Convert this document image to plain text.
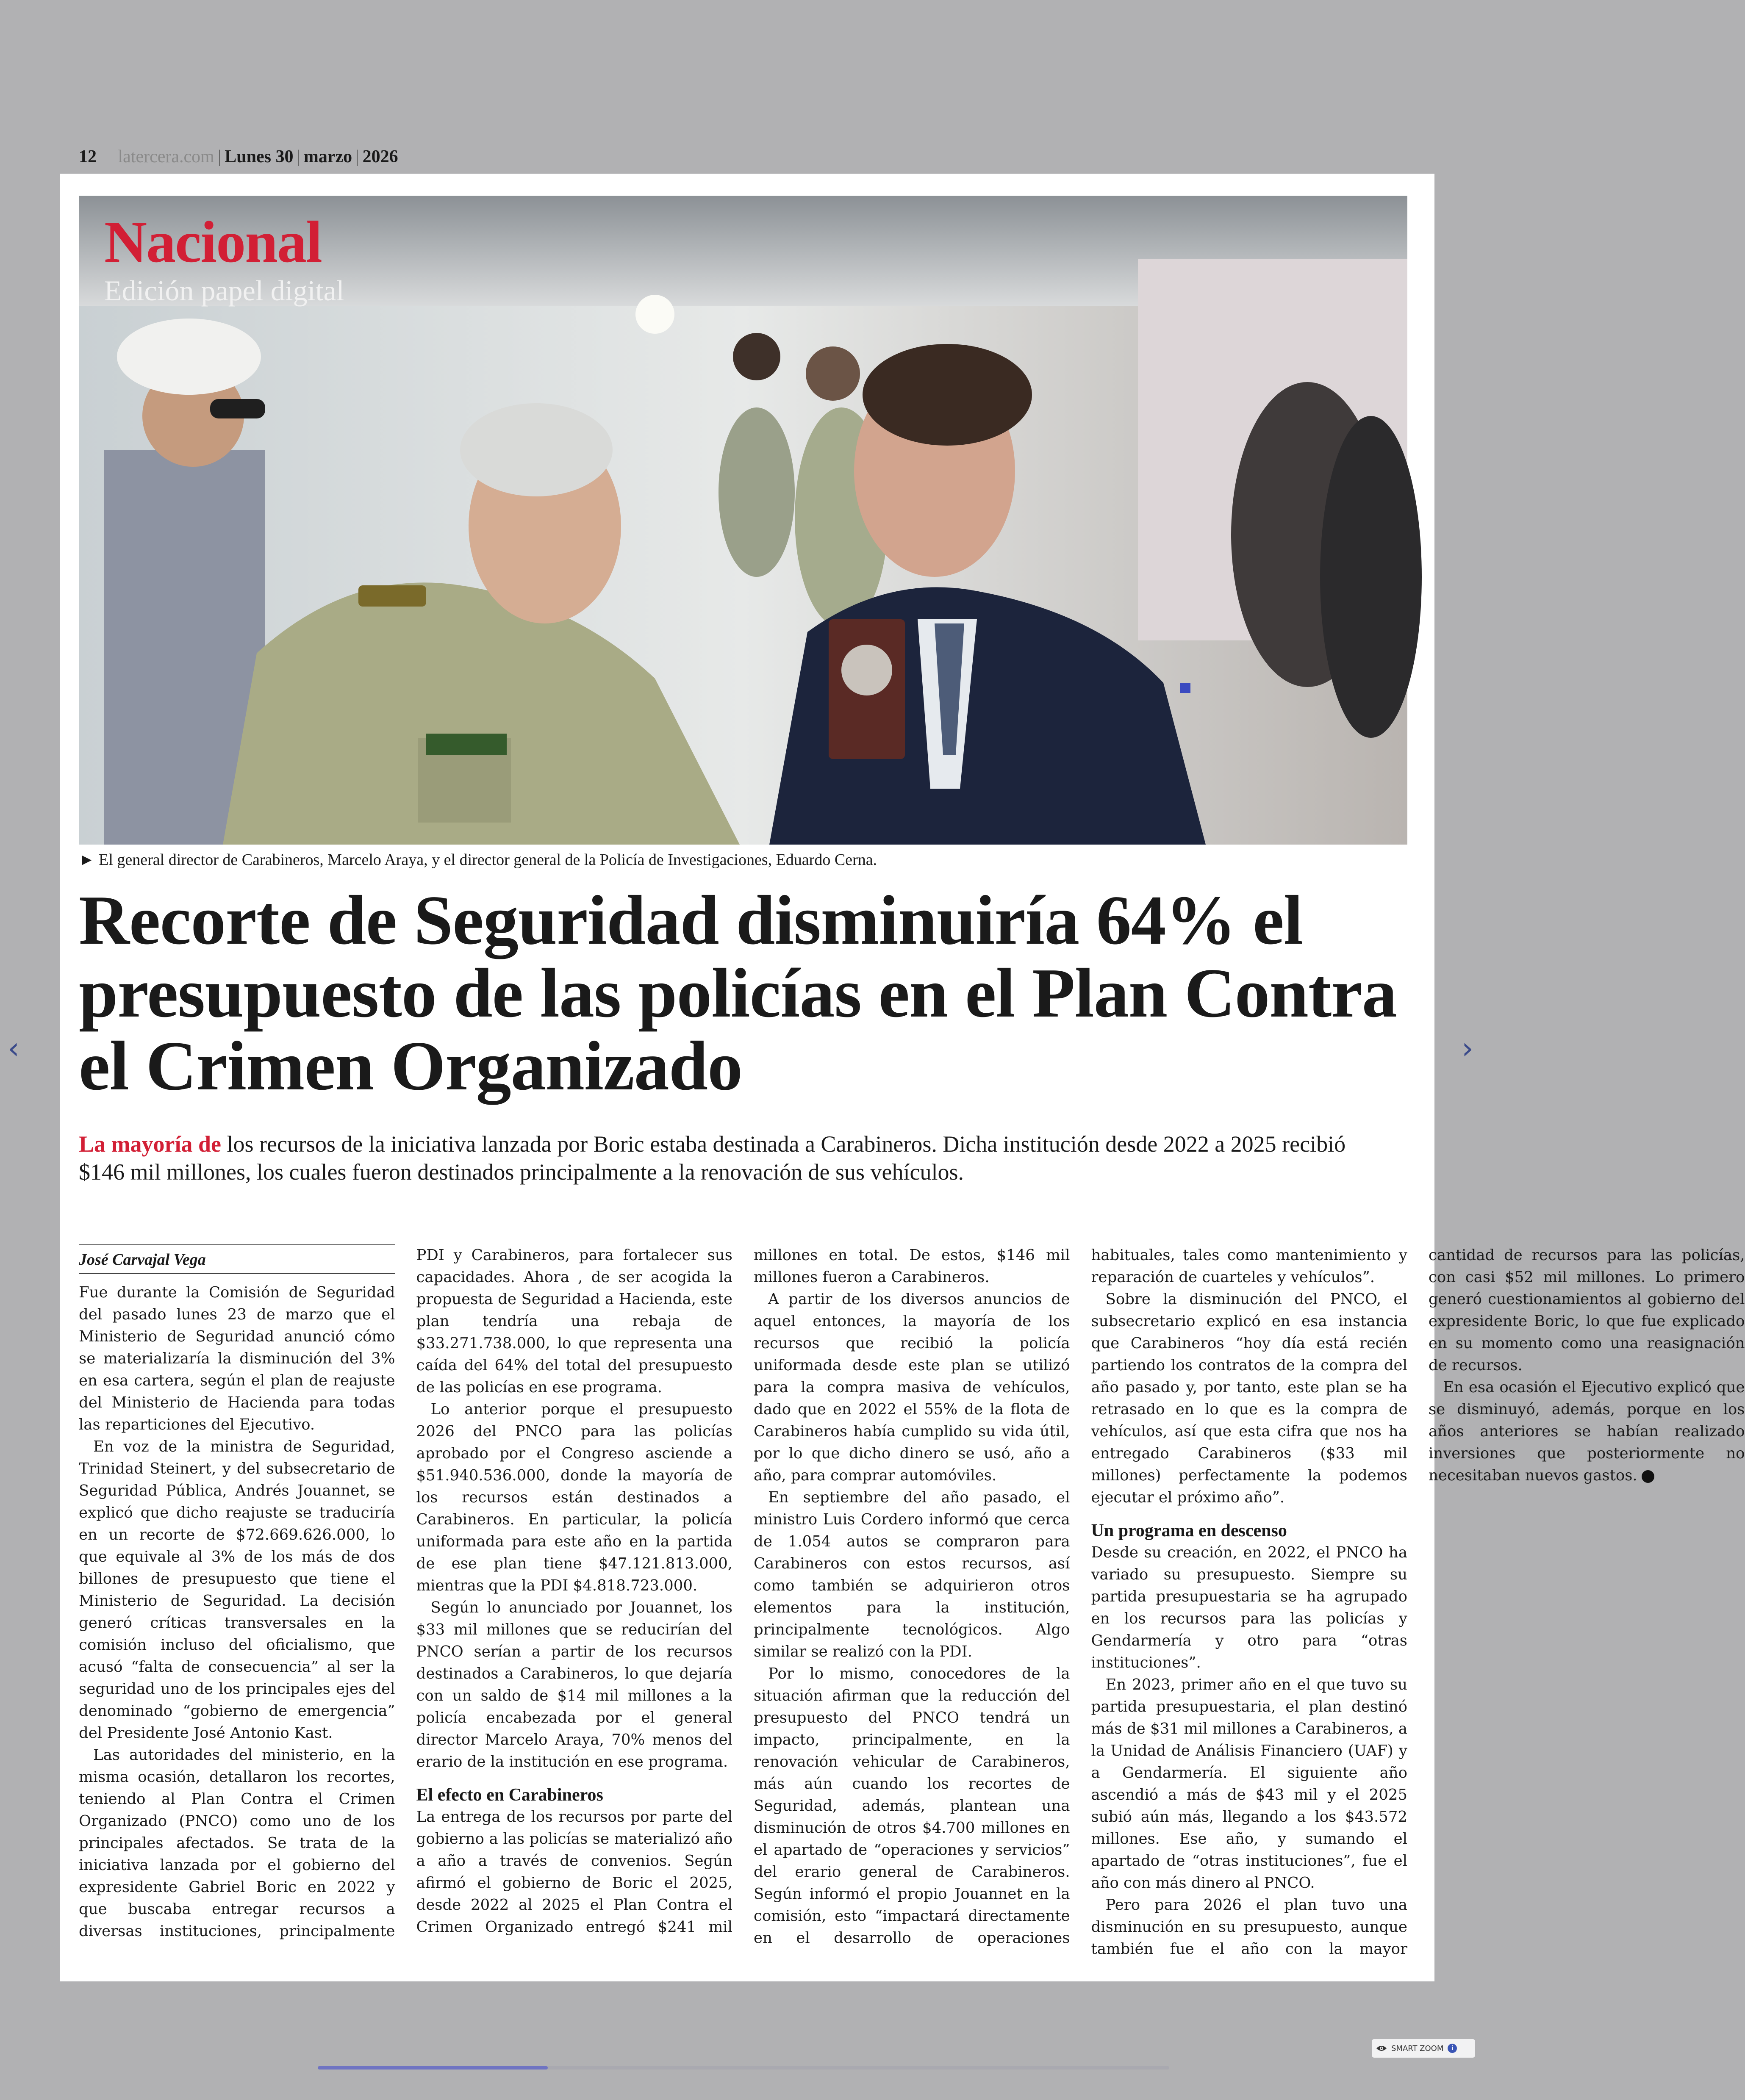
12 latercera.com | Lunes 30 | marzo | 2026
Nacional
Edición papel digital
► El general director de Carabineros, Marcelo Araya, y el director general de la Policía de Investigaciones, Eduardo Cerna.
Recorte de Seguridad disminuiría 64% el presupuesto de las policías en el Plan Contra el Crimen Organizado

La mayoría de los recursos de la iniciativa lanzada por Boric estaba destinada a Carabineros. Dicha institución desde 2022 a 2025 recibió $146 mil millones, los cuales fueron destinados principalmente a la renovación de sus vehículos.

José Carvajal Vega

Fue durante la Comisión de Seguridad del pasado lunes 23 de marzo que el Ministerio de Seguridad anunció cómo se materializaría la disminución del 3% en esa cartera, según el plan de reajuste del Ministerio de Hacienda para todas las reparticiones del Ejecutivo.

En voz de la ministra de Seguridad, Trinidad Steinert, y del subsecretario de Seguridad Pública, Andrés Jouannet, se explicó que dicho reajuste se traduciría en un recorte de $72.669.626.000, lo que equivale al 3% de los más de dos billones de presupuesto que tiene el Ministerio de Seguridad. La decisión generó críticas transversales en la comisión incluso del oficialismo, que acusó “falta de consecuencia” al ser la seguridad uno de los principales ejes del denominado “gobierno de emergencia” del Presidente José Antonio Kast.

Las autoridades del ministerio, en la misma ocasión, detallaron los recortes, teniendo al Plan Contra el Crimen Organizado (PNCO) como uno de los principales afectados. Se trata de la iniciativa lanzada por el gobierno del expresidente Gabriel Boric en 2022 y que buscaba entregar recursos a diversas instituciones, principalmente PDI y Carabineros, para fortalecer sus capacidades. Ahora , de ser acogida la propuesta de Seguridad a Hacienda, este plan tendría una rebaja de $33.271.738.000, lo que representa una caída del 64% del total del presupuesto de las policías en ese programa.

Lo anterior porque el presupuesto 2026 del PNCO para las policías aprobado por el Congreso asciende a $51.940.536.000, donde la mayoría de los recursos están destinados a Carabineros. En particular, la policía uniformada para este año en la partida de ese plan tiene $47.121.813.000, mientras que la PDI $4.818.723.000.

Según lo anunciado por Jouannet, los $33 mil millones que se reducirían del PNCO serían a partir de los recursos destinados a Carabineros, lo que dejaría con un saldo de $14 mil millones a la policía encabezada por el general director Marcelo Araya, 70% menos del erario de la institución en ese programa.

El efecto en Carabineros

La entrega de los recursos por parte del gobierno a las policías se materializó año a año a través de convenios. Según afirmó el gobierno de Boric el 2025, desde 2022 al 2025 el Plan Contra el Crimen Organizado entregó $241 mil millones en total. De estos, $146 mil millones fueron a Carabineros.

A partir de los diversos anuncios de aquel entonces, la mayoría de los recursos que recibió la policía uniformada desde este plan se utilizó para la compra masiva de vehículos, dado que en 2022 el 55% de la flota de Carabineros había cumplido su vida útil, por lo que dicho dinero se usó, año a año, para comprar automóviles.

En septiembre del año pasado, el ministro Luis Cordero informó que cerca de 1.054 autos se compraron para Carabineros con estos recursos, así como también se adquirieron otros elementos para la institución, principalmente tecnológicos. Algo similar se realizó con la PDI.

Por lo mismo, conocedores de la situación afirman que la reducción del presupuesto del PNCO tendrá un impacto, principalmente, en la renovación vehicular de Carabineros, más aún cuando los recortes de Seguridad, además, plantean una disminución de otros $4.700 millones en el apartado de “operaciones y servicios” del erario general de Carabineros. Según informó el propio Jouannet en la comisión, esto “impactará directamente en el desarrollo de operaciones habituales, tales como mantenimiento y reparación de cuarteles y vehículos”.

Sobre la disminución del PNCO, el subsecretario explicó en esa instancia que Carabineros “hoy día está recién partiendo los contratos de la compra del año pasado y, por tanto, este plan se ha retrasado en lo que es la compra de vehículos, así que esta cifra que nos ha entregado Carabineros ($33 mil millones) perfectamente la podemos ejecutar el próximo año”.

Un programa en descenso

Desde su creación, en 2022, el PNCO ha variado su presupuesto. Siempre su partida presupuestaria se ha agrupado en los recursos para las policías y Gendarmería y otro para “otras instituciones”.

En 2023, primer año en el que tuvo su partida presupuestaria, el plan destinó más de $31 mil millones a Carabineros, a la Unidad de Análisis Financiero (UAF) y a Gendarmería. El siguiente año ascendió a más de $43 mil y el 2025 subió aún más, llegando a los $43.572 millones. Ese año, y sumando el apartado de “otras instituciones”, fue el año con más dinero al PNCO.

Pero para 2026 el plan tuvo una disminución en su presupuesto, aunque también fue el año con la mayor cantidad de recursos para las policías, con casi $52 mil millones. Lo primero generó cuestionamientos al gobierno del expresidente Boric, lo que fue explicado en su momento como una reasignación de recursos.

En esa ocasión el Ejecutivo explicó que se disminuyó, además, porque en los años anteriores se habían realizado inversiones que posteriormente no necesitaban nuevos gastos.

‹	›
SMART ZOOM	i
